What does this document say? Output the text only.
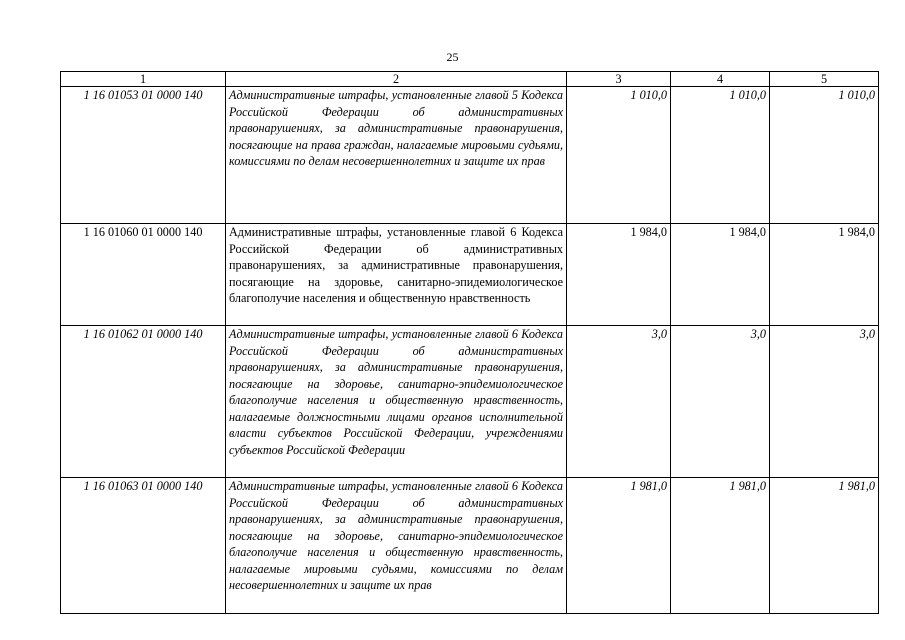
25
1	2	3	4	5
1 16 01053 01 0000 140	Административные штрафы, установленные главой 5 Кодекса Российской Федерации об административных правонарушениях, за административные правонарушения, посягающие на права граждан, налагаемые мировыми судьями, комиссиями по делам несовершеннолетних и защите их прав	1 010,0	1 010,0	1 010,0
1 16 01060 01 0000 140	Административные штрафы, установленные главой 6 Кодекса Российской Федерации об административных правонарушениях, за административные правонарушения, посягающие на здоровье, санитарно-эпидемиологическое благополучие населения и общественную нравственность	1 984,0	1 984,0	1 984,0
1 16 01062 01 0000 140	Административные штрафы, установленные главой 6 Кодекса Российской Федерации об административных правонарушениях, за административные правонарушения, посягающие на здоровье, санитарно-эпидемиологическое благополучие населения и общественную нравственность, налагаемые должностными лицами органов исполнительной власти субъектов Российской Федерации, учреждениями субъектов Российской Федерации	3,0	3,0	3,0
1 16 01063 01 0000 140	Административные штрафы, установленные главой 6 Кодекса Российской Федерации об административных правонарушениях, за административные правонарушения, посягающие на здоровье, санитарно-эпидемиологическое благополучие населения и общественную нравственность, налагаемые мировыми судьями, комиссиями по делам несовершеннолетних и защите их прав	1 981,0	1 981,0	1 981,0
